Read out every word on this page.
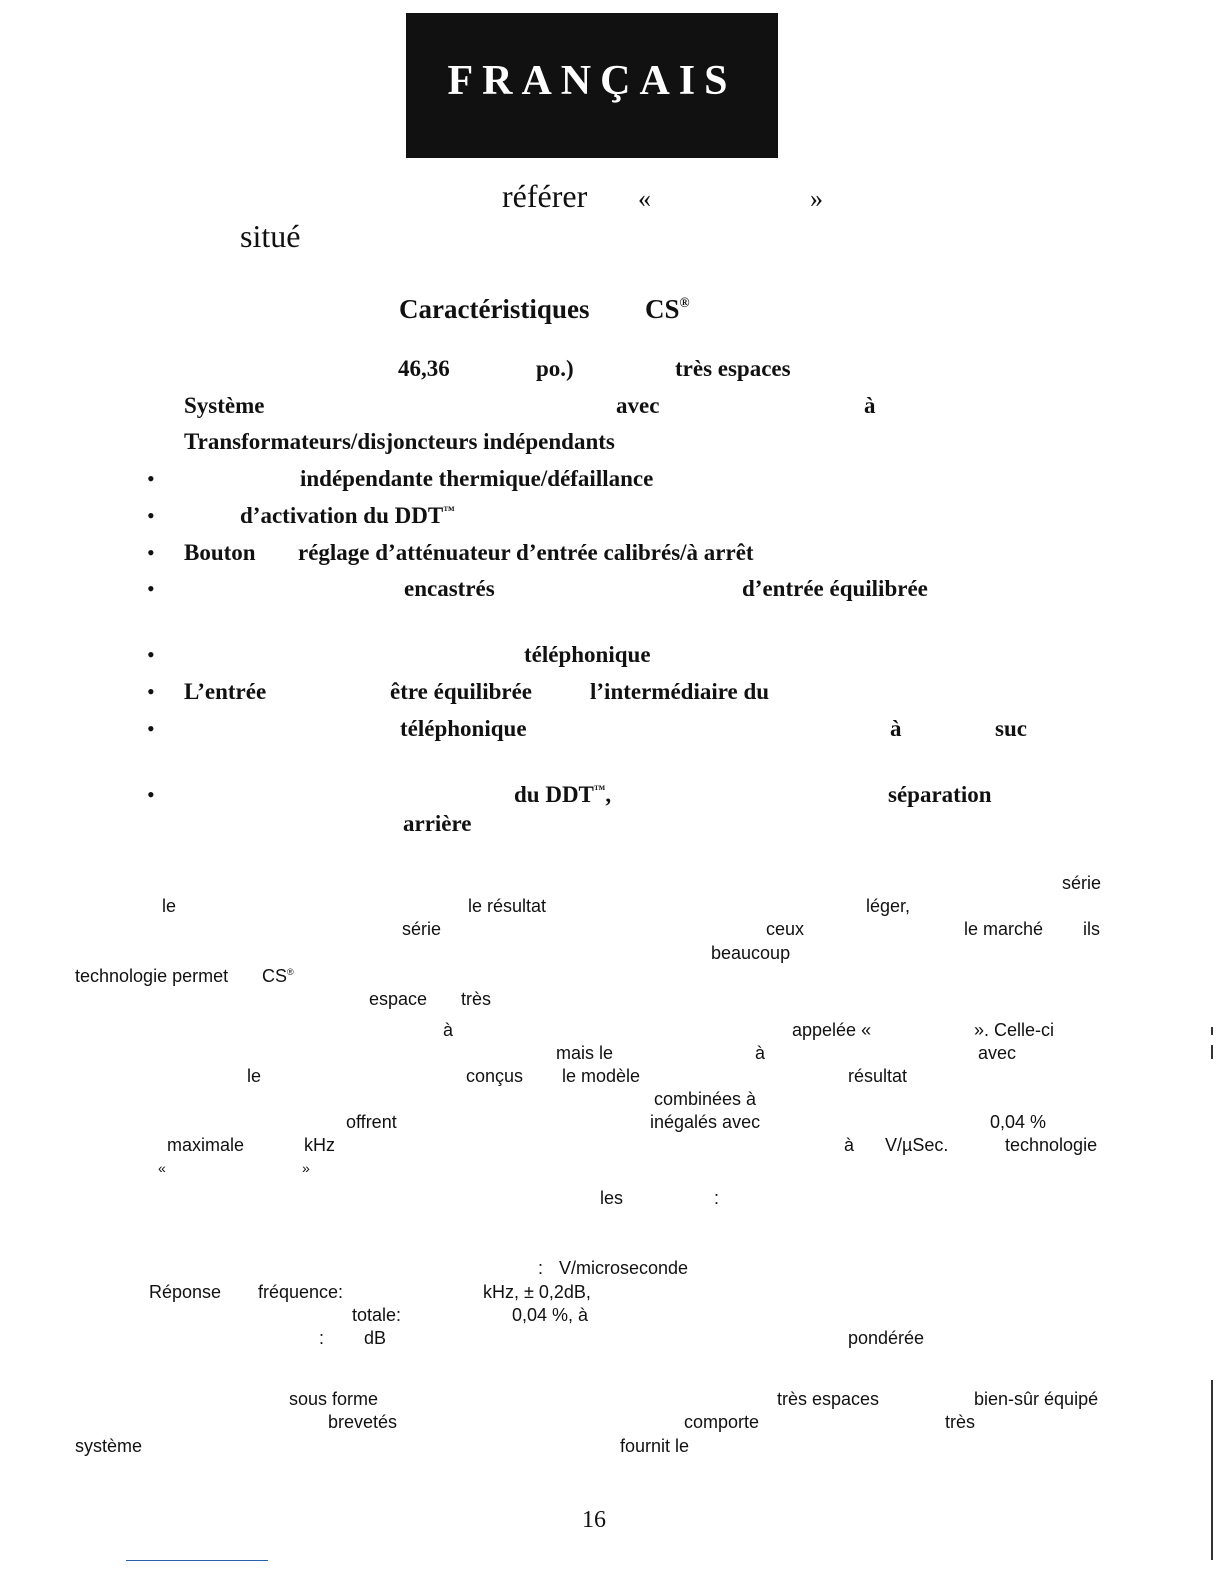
FRANÇAIS
référer «	»
situé
Caractéristiques CS®
46,36	po.)	très espaces
Système	avec	à
Transformateurs/disjoncteurs indépendants
•	indépendante thermique/défaillance
•	d’activation du DDT™
• Bouton réglage d’atténuateur d’entrée calibrés/à arrêt
•	encastrés	d’entrée équilibrée
•	téléphonique
• L’entrée	être équilibrée	l’intermédiaire du
•	téléphonique	à	suc
•	du DDT™,	séparation
arrière
série
le	le résultat	léger,
série	ceux	le marché ils
beaucoup
technologie permet CS®
espace très
à	appelée «	». Celle-ci
mais le	à	avec
le	conçus le modèle	résultat
combinées à
offrent	inégalés avec	0,04 %
maximale	kHz	à V/µSec.	technologie
«	»
les	:
: V/microseconde
Réponse fréquence:	kHz, ± 0,2dB,
totale:	0,04 %, à
: dB	pondérée
sous forme	très espaces	bien-sûr équipé
brevetés	comporte	très
système	fournit le
16
